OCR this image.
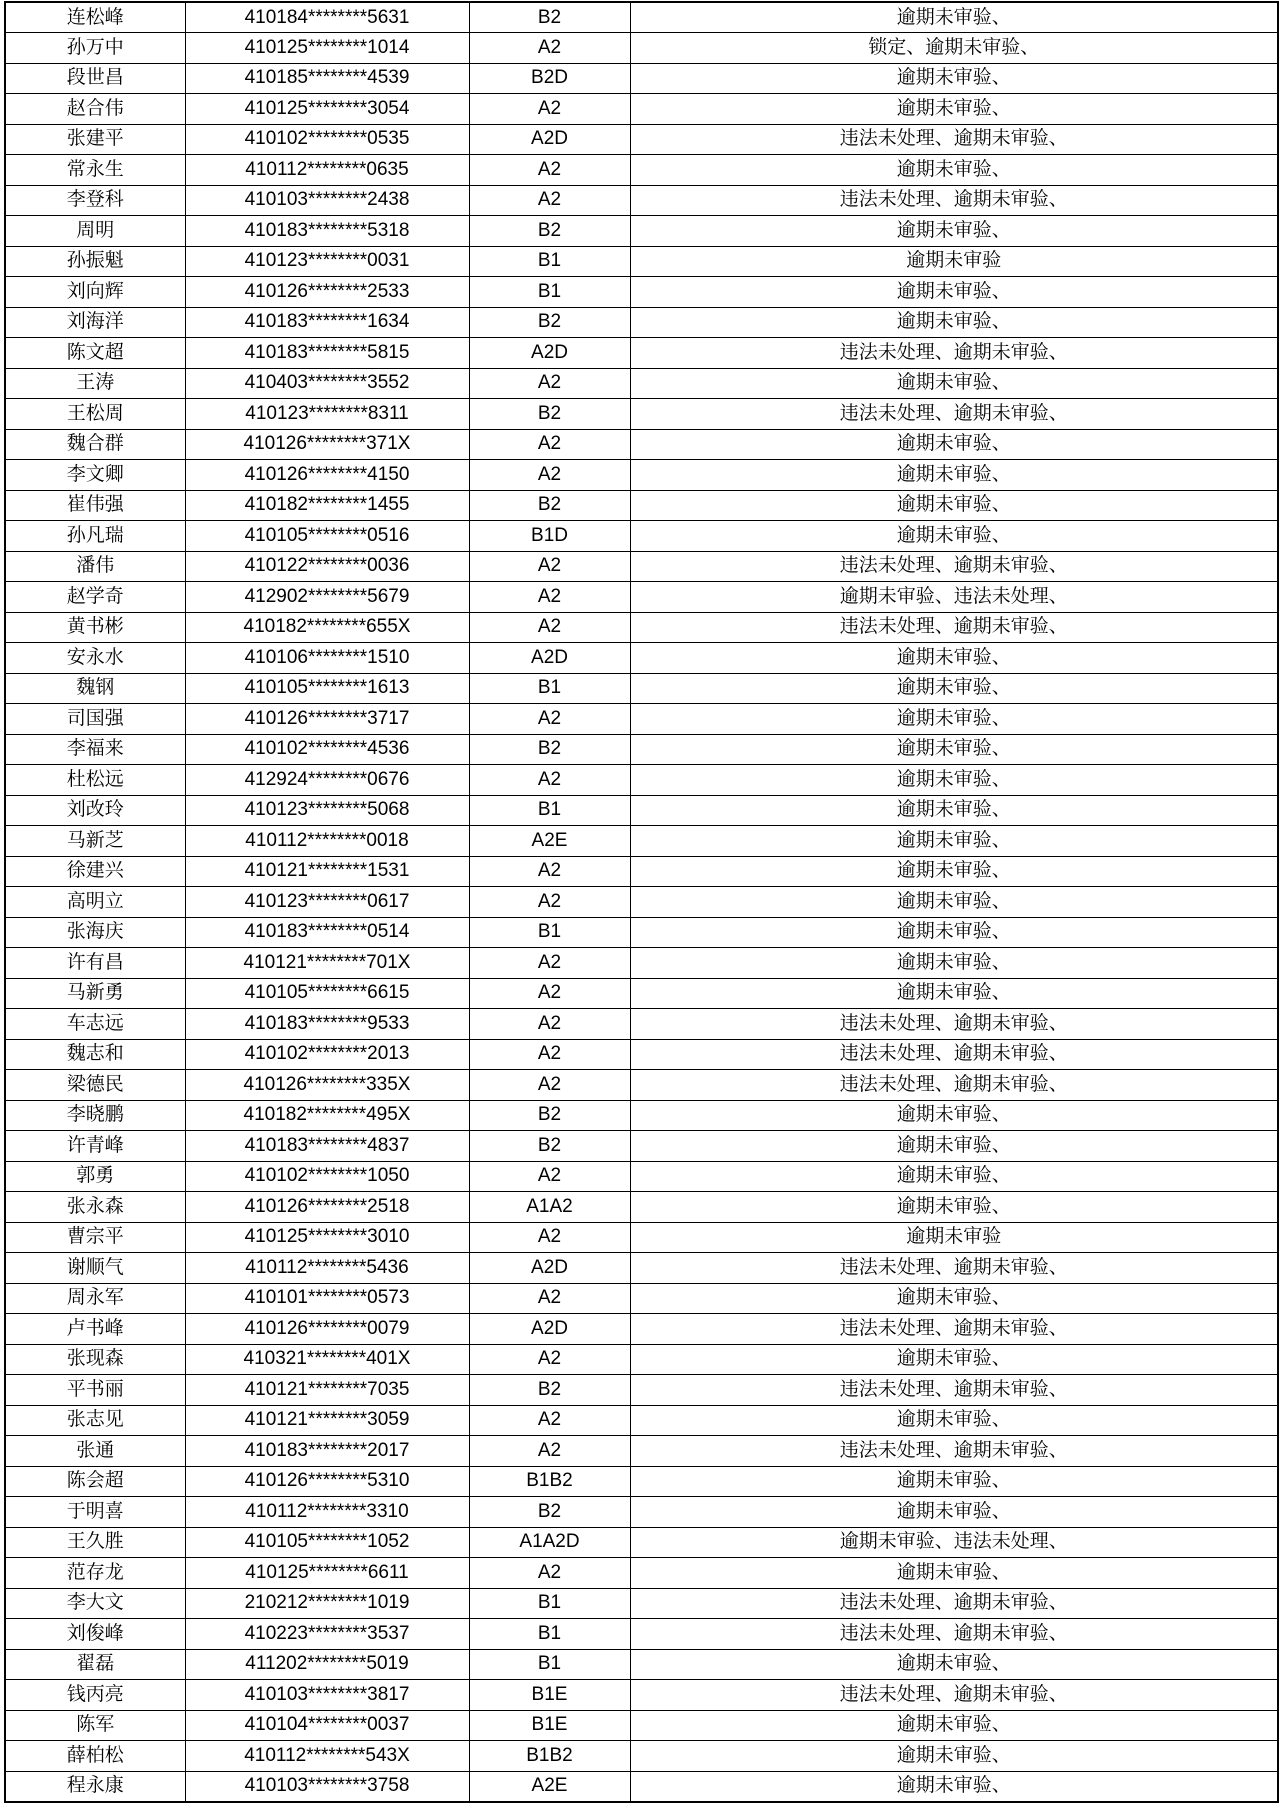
连松峰	410184********5631	B2	逾期未审验、
孙万中	410125********1014	A2	锁定、逾期未审验、
段世昌	410185********4539	B2D	逾期未审验、
赵合伟	410125********3054	A2	逾期未审验、
张建平	410102********0535	A2D	违法未处理、逾期未审验、
常永生	410112********0635	A2	逾期未审验、
李登科	410103********2438	A2	违法未处理、逾期未审验、
周明	410183********5318	B2	逾期未审验、
孙振魁	410123********0031	B1	逾期未审验
刘向辉	410126********2533	B1	逾期未审验、
刘海洋	410183********1634	B2	逾期未审验、
陈文超	410183********5815	A2D	违法未处理、逾期未审验、
王涛	410403********3552	A2	逾期未审验、
王松周	410123********8311	B2	违法未处理、逾期未审验、
魏合群	410126********371X	A2	逾期未审验、
李文卿	410126********4150	A2	逾期未审验、
崔伟强	410182********1455	B2	逾期未审验、
孙凡瑞	410105********0516	B1D	逾期未审验、
潘伟	410122********0036	A2	违法未处理、逾期未审验、
赵学奇	412902********5679	A2	逾期未审验、违法未处理、
黄书彬	410182********655X	A2	违法未处理、逾期未审验、
安永水	410106********1510	A2D	逾期未审验、
魏钢	410105********1613	B1	逾期未审验、
司国强	410126********3717	A2	逾期未审验、
李福来	410102********4536	B2	逾期未审验、
杜松远	412924********0676	A2	逾期未审验、
刘改玲	410123********5068	B1	逾期未审验、
马新芝	410112********0018	A2E	逾期未审验、
徐建兴	410121********1531	A2	逾期未审验、
高明立	410123********0617	A2	逾期未审验、
张海庆	410183********0514	B1	逾期未审验、
许有昌	410121********701X	A2	逾期未审验、
马新勇	410105********6615	A2	逾期未审验、
车志远	410183********9533	A2	违法未处理、逾期未审验、
魏志和	410102********2013	A2	违法未处理、逾期未审验、
梁德民	410126********335X	A2	违法未处理、逾期未审验、
李晓鹏	410182********495X	B2	逾期未审验、
许青峰	410183********4837	B2	逾期未审验、
郭勇	410102********1050	A2	逾期未审验、
张永森	410126********2518	A1A2	逾期未审验、
曹宗平	410125********3010	A2	逾期未审验
谢顺气	410112********5436	A2D	违法未处理、逾期未审验、
周永军	410101********0573	A2	逾期未审验、
卢书峰	410126********0079	A2D	违法未处理、逾期未审验、
张现森	410321********401X	A2	逾期未审验、
平书丽	410121********7035	B2	违法未处理、逾期未审验、
张志见	410121********3059	A2	逾期未审验、
张通	410183********2017	A2	违法未处理、逾期未审验、
陈会超	410126********5310	B1B2	逾期未审验、
于明喜	410112********3310	B2	逾期未审验、
王久胜	410105********1052	A1A2D	逾期未审验、违法未处理、
范存龙	410125********6611	A2	逾期未审验、
李大文	210212********1019	B1	违法未处理、逾期未审验、
刘俊峰	410223********3537	B1	违法未处理、逾期未审验、
翟磊	411202********5019	B1	逾期未审验、
钱丙亮	410103********3817	B1E	违法未处理、逾期未审验、
陈军	410104********0037	B1E	逾期未审验、
薛柏松	410112********543X	B1B2	逾期未审验、
程永康	410103********3758	A2E	逾期未审验、
